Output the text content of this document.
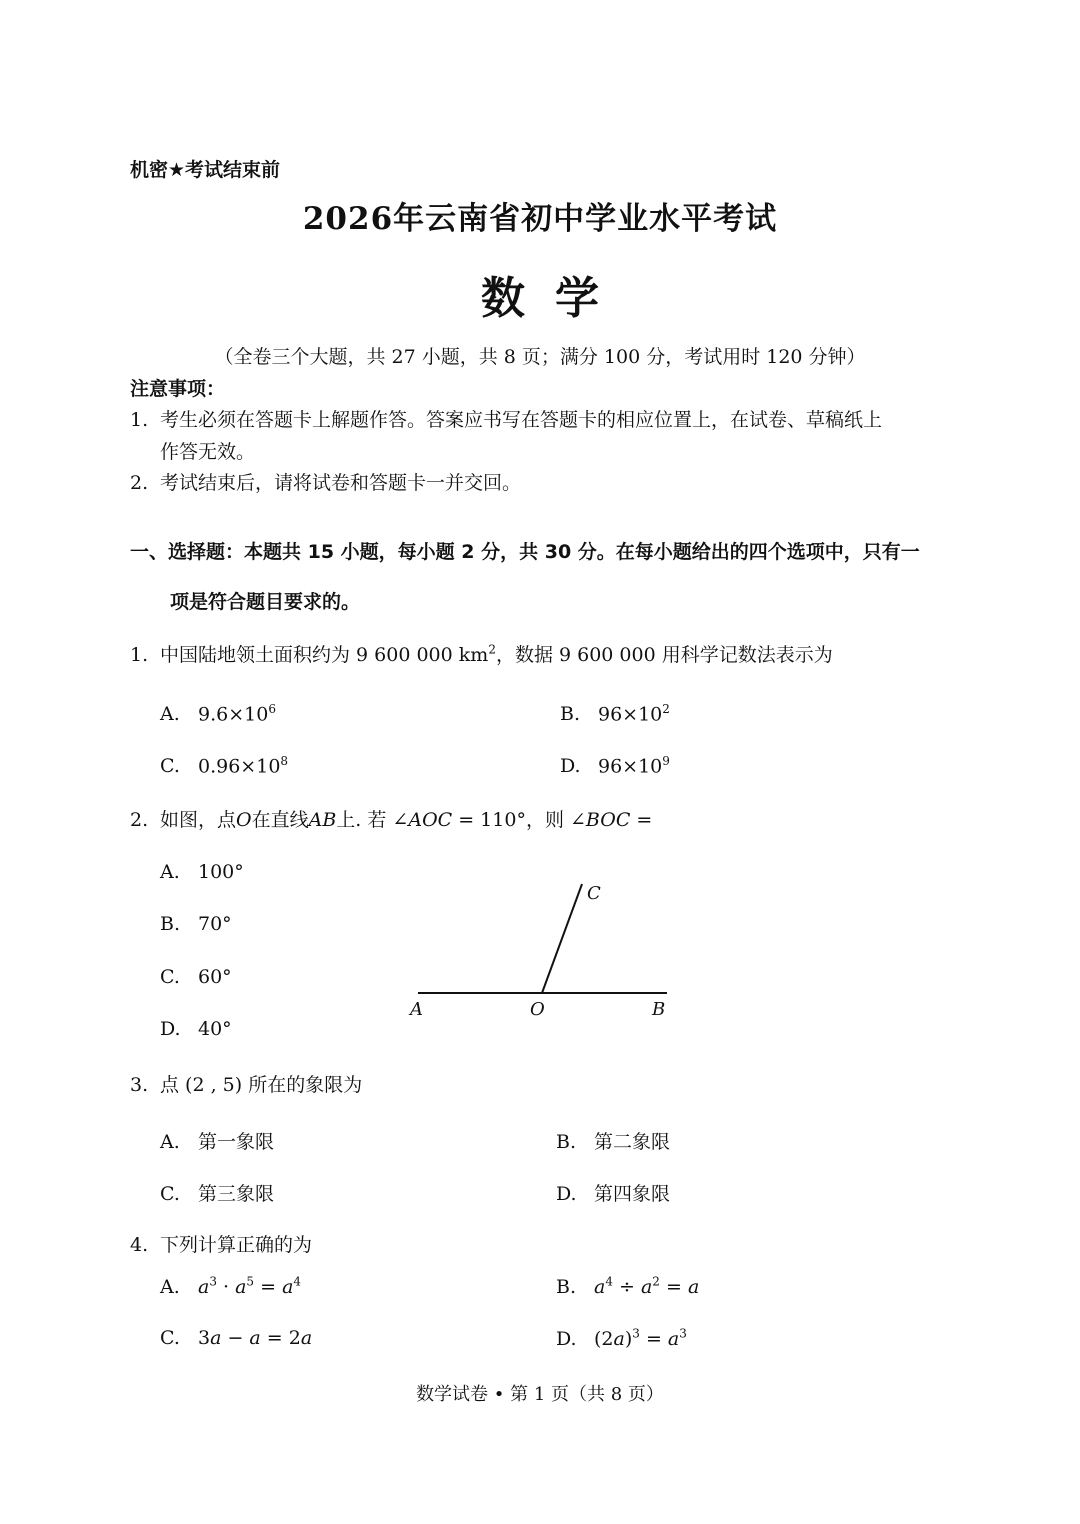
机密★考试结束前
2026年云南省初中学业水平考试
数学
（全卷三个大题，共 27 小题，共 8 页；满分 100 分，考试用时 120 分钟）
注意事项：
1. 考生必须在答题卡上解题作答。答案应书写在答题卡的相应位置上，在试卷、草稿纸上
作答无效。
2. 考试结束后，请将试卷和答题卡一并交回。
一、选择题：本题共 15 小题，每小题 2 分，共 30 分。在每小题给出的四个选项中，只有一
项是符合题目要求的。
1. 中国陆地领土面积约为 9 600 000 $km^2$，数据 9 600 000 用科学记数法表示为
A. $9.6\times 10^6$	B. $96\times 10^2$
C. $0.96\times 10^8$	D. $96\times 10^9$
2. 如图，点O在直线AB上. 若 ∠AOC = 110°，则 ∠BOC =
A. 100°
B. 70°
C. 60°
D. 40°
A	O	B
C
3. 点 (2 , 5) 所在的象限为
A. 第一象限	B. 第二象限
C. 第三象限	D. 第四象限
4. 下列计算正确的为
A. $a^3 \cdot a^5 = a^4$	B. $a^4 \div a^2 = a$
C. 3a − a = 2a	D. $(2a)^3 = a^3$
数学试卷 • 第 1 页（共 8 页）
